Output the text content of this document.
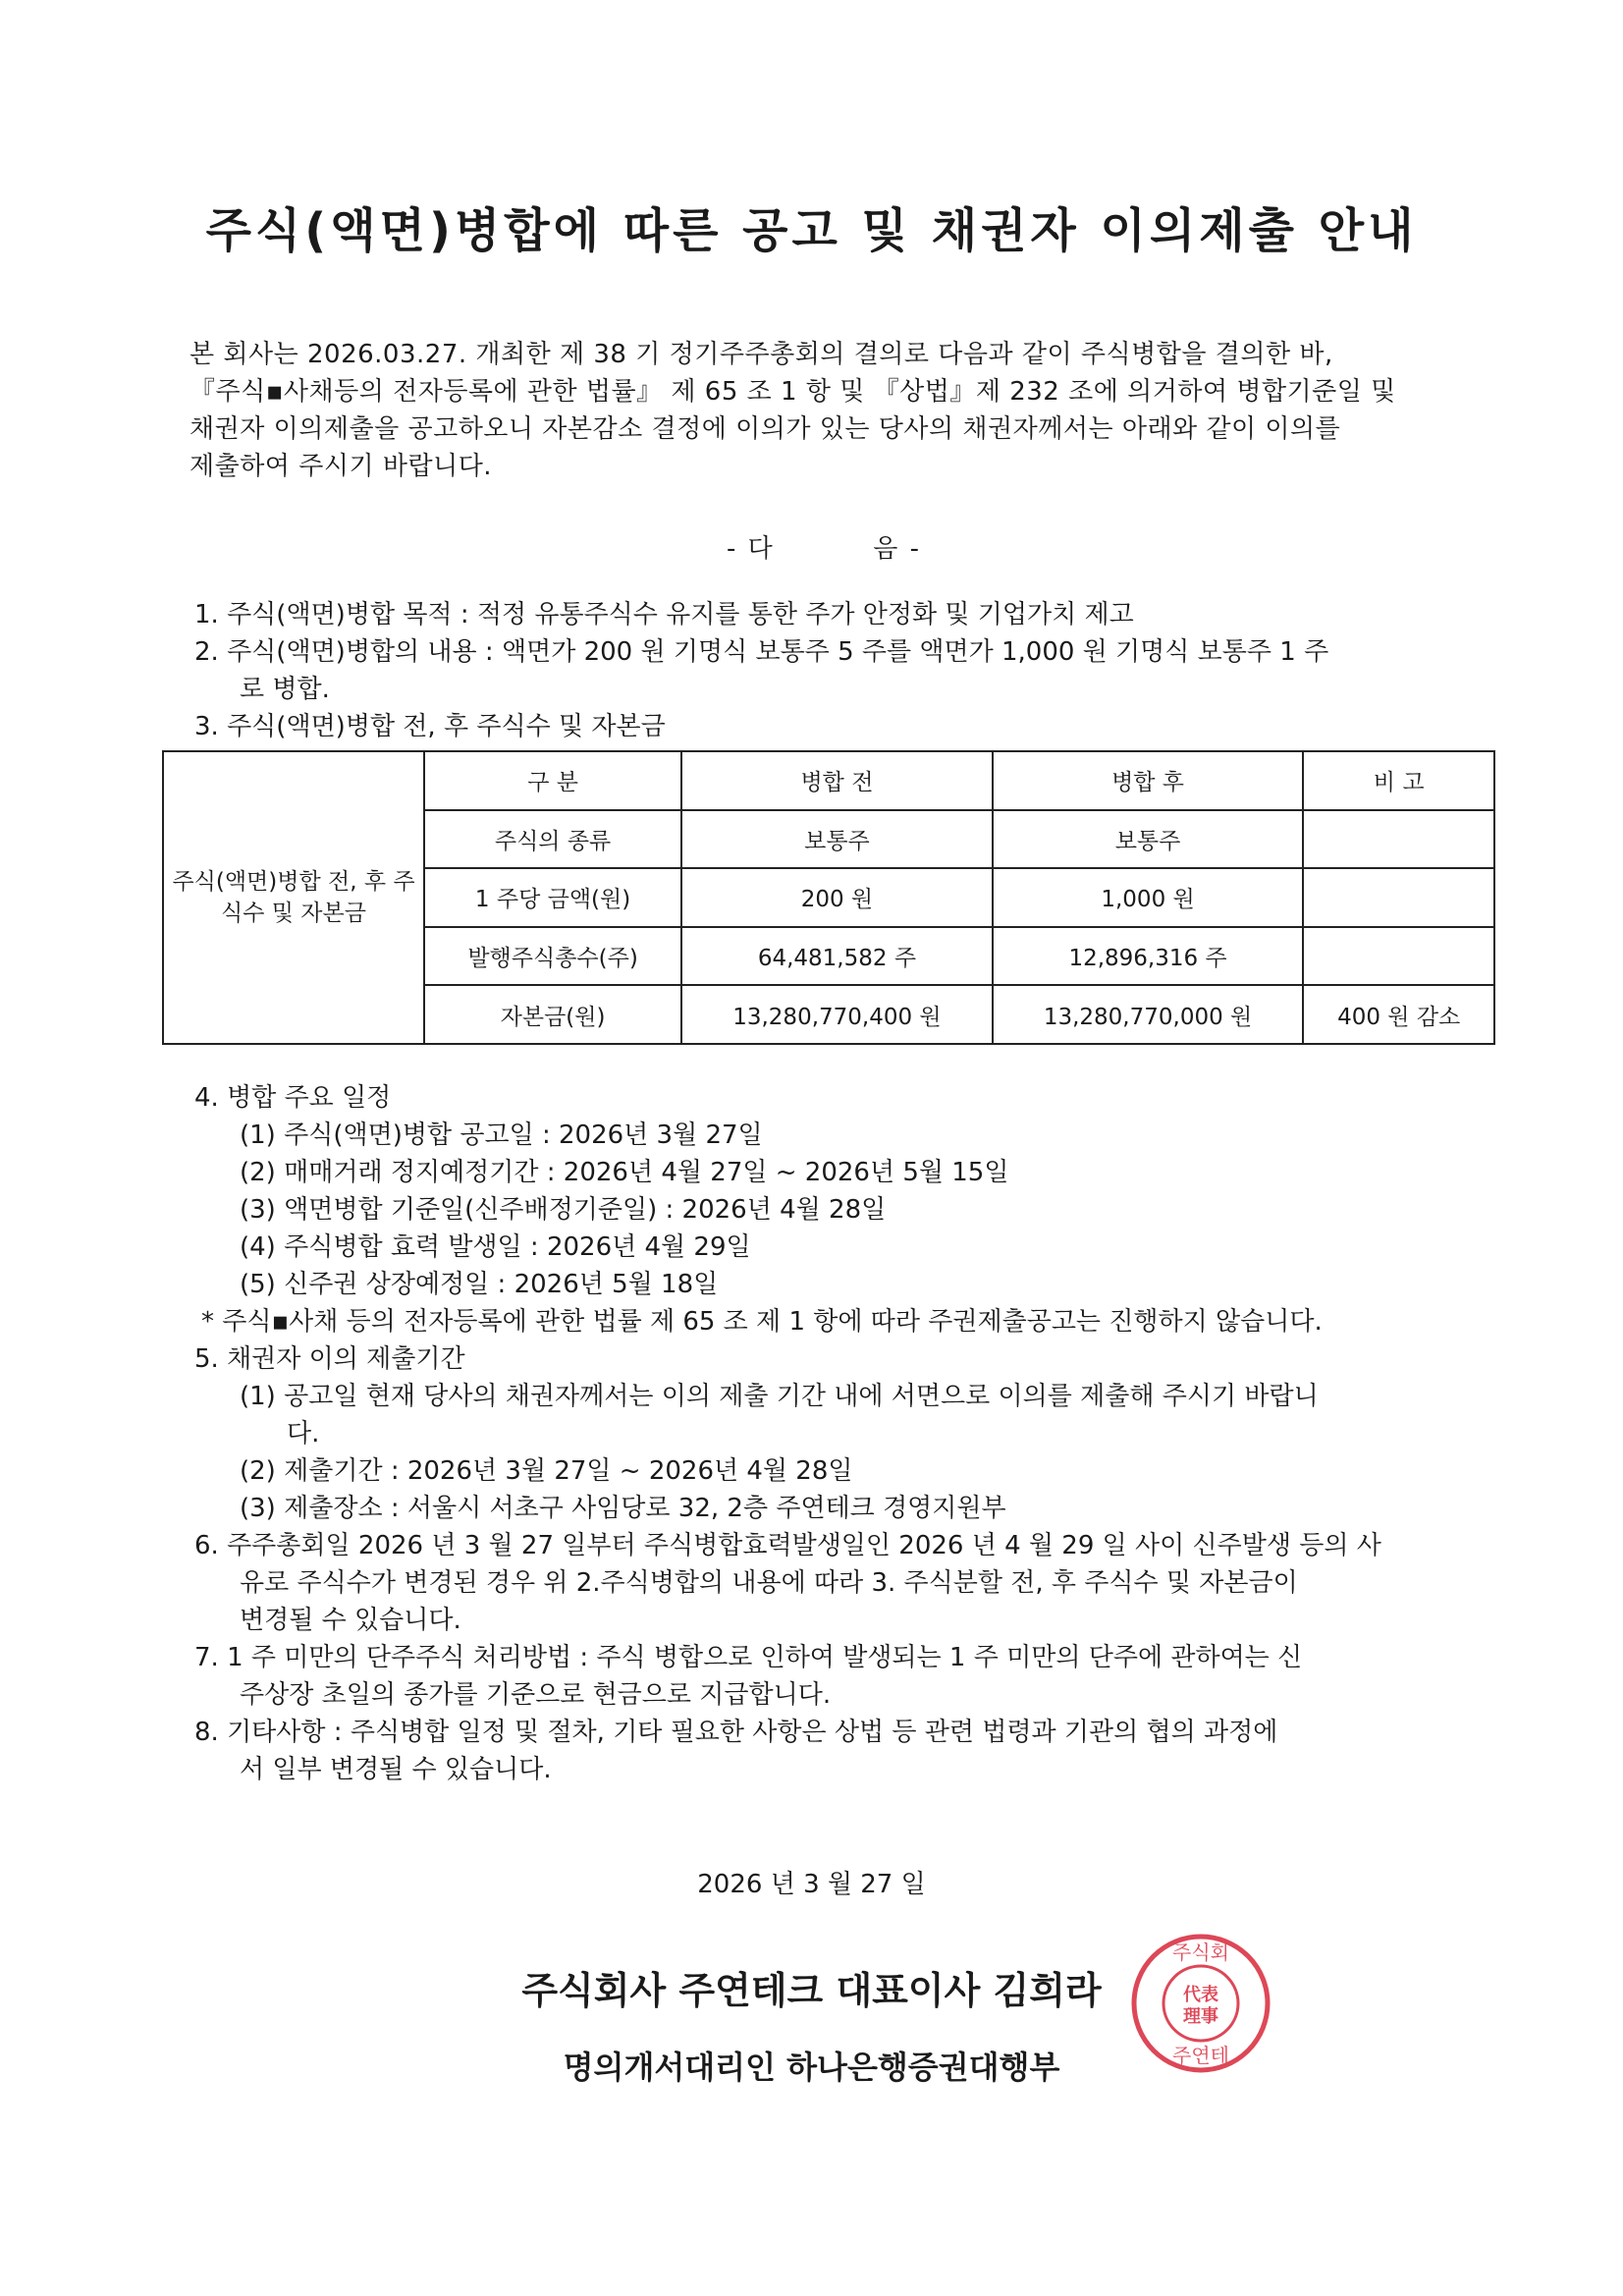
주식(액면)병합에 따른 공고 및 채권자 이의제출 안내

본 회사는 2026.03.27. 개최한 제 38 기 정기주주총회의 결의로 다음과 같이 주식병합을 결의한 바,

『주식▪사채등의 전자등록에 관한 법률』 제 65 조 1 항 및 『상법』제 232 조에 의거하여 병합기준일 및

채권자 이의제출을 공고하오니 자본감소 결정에 이의가 있는 당사의 채권자께서는 아래와 같이 이의를

제출하여 주시기 바랍니다.

- 다	음 -
1. 주식(액면)병합 목적 : 적정 유통주식수 유지를 통한 주가 안정화 및 기업가치 제고
2. 주식(액면)병합의 내용 : 액면가 200 원 기명식 보통주 5 주를 액면가 1,000 원 기명식 보통주 1 주
로 병합.
3. 주식(액면)병합 전, 후 주식수 및 자본금
주식(액면)병합 전, 후 주식수 및 자본금	구 분	병합 전	병합 후	비 고
	주식의 종류	보통주	보통주	
	1 주당 금액(원)	200 원	1,000 원	
	발행주식총수(주)	64,481,582 주	12,896,316 주	
	자본금(원)	13,280,770,400 원	13,280,770,000 원	400 원 감소
4. 병합 주요 일정
(1) 주식(액면)병합 공고일 : 2026년 3월 27일
(2) 매매거래 정지예정기간 : 2026년 4월 27일 ~ 2026년 5월 15일
(3) 액면병합 기준일(신주배정기준일) : 2026년 4월 28일
(4) 주식병합 효력 발생일 : 2026년 4월 29일
(5) 신주권 상장예정일 : 2026년 5월 18일
* 주식▪사채 등의 전자등록에 관한 법률 제 65 조 제 1 항에 따라 주권제출공고는 진행하지 않습니다.
5. 채권자 이의 제출기간
(1) 공고일 현재 당사의 채권자께서는 이의 제출 기간 내에 서면으로 이의를 제출해 주시기 바랍니
다.
(2) 제출기간 : 2026년 3월 27일 ~ 2026년 4월 28일
(3) 제출장소 : 서울시 서초구 사임당로 32, 2층 주연테크 경영지원부
6. 주주총회일 2026 년 3 월 27 일부터 주식병합효력발생일인 2026 년 4 월 29 일 사이 신주발생 등의 사
유로 주식수가 변경된 경우 위 2.주식병합의 내용에 따라 3. 주식분할 전, 후 주식수 및 자본금이
변경될 수 있습니다.
7. 1 주 미만의 단주주식 처리방법 : 주식 병합으로 인하여 발생되는 1 주 미만의 단주에 관하여는 신
주상장 초일의 종가를 기준으로 현금으로 지급합니다.
8. 기타사항 : 주식병합 일정 및 절차, 기타 필요한 사항은 상법 등 관련 법령과 기관의 협의 과정에
서 일부 변경될 수 있습니다.
2026 년 3 월 27 일
주식회사 주연테크 대표이사 김희라
명의개서대리인 하나은행증권대행부
주식회
주연테
代表
理事
